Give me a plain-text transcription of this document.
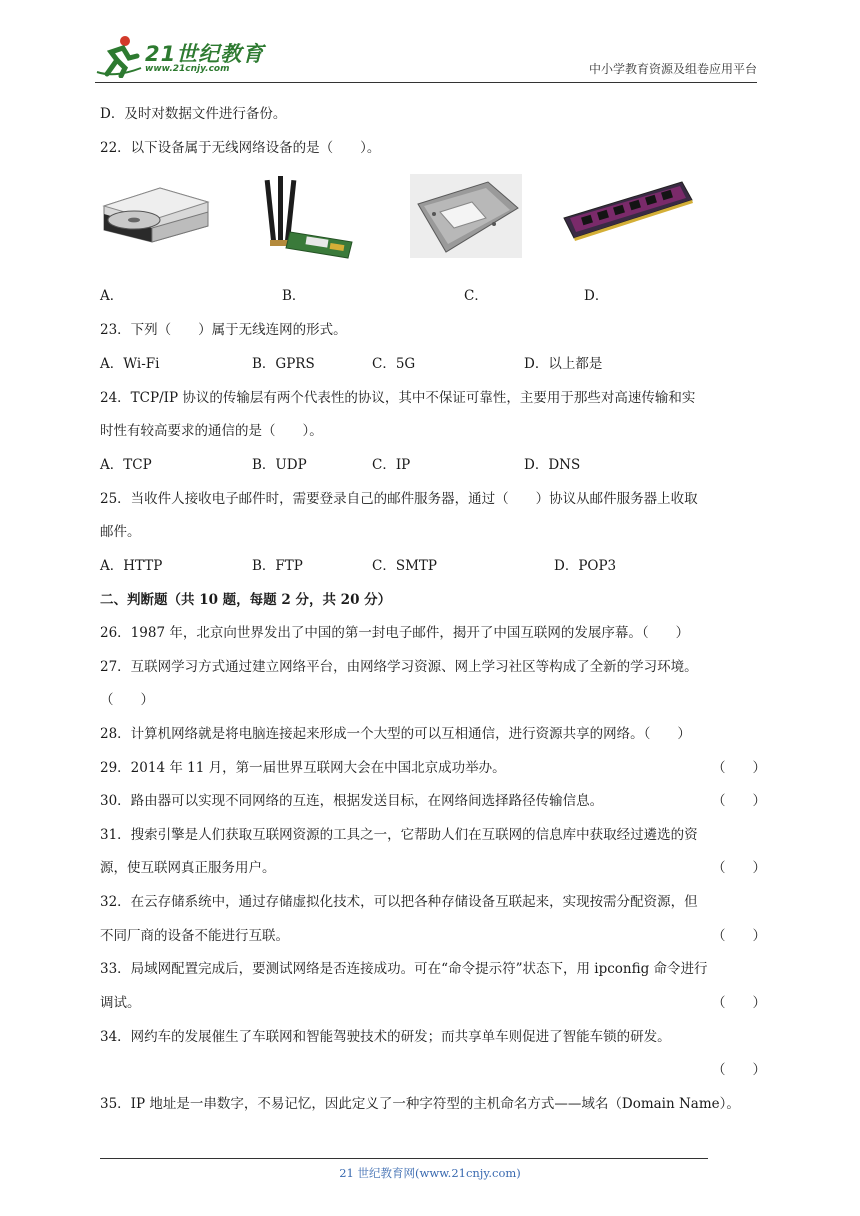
21世纪教育
www.21cnjy.com	中小学教育资源及组卷应用平台
D．及时对数据文件进行备份。
22．以下设备属于无线网络设备的是（　　）。
A．	B．	C．	D．
23．下列（　　）属于无线连网的形式。
A．Wi-Fi	B．GPRS	C．5G	D．以上都是
24．TCP/IP 协议的传输层有两个代表性的协议，其中不保证可靠性，主要用于那些对高速传输和实
时性有较高要求的通信的是（　　）。
A．TCP	B．UDP	C．IP	D．DNS
25．当收件人接收电子邮件时，需要登录自己的邮件服务器，通过（　　）协议从邮件服务器上收取
邮件。
A．HTTP	B．FTP	C．SMTP	D．POP3
二、判断题（共 10 题，每题 2 分，共 20 分）
26．1987 年，北京向世界发出了中国的第一封电子邮件，揭开了中国互联网的发展序幕。（　　）
27．互联网学习方式通过建立网络平台，由网络学习资源、网上学习社区等构成了全新的学习环境。
（　　）
28．计算机网络就是将电脑连接起来形成一个大型的可以互相通信，进行资源共享的网络。（　　）
29．2014 年 11 月，第一届世界互联网大会在中国北京成功举办。	（　　）
30．路由器可以实现不同网络的互连，根据发送目标，在网络间选择路径传输信息。	（　　）
31．搜索引擎是人们获取互联网资源的工具之一，它帮助人们在互联网的信息库中获取经过遴选的资
源，使互联网真正服务用户。	（　　）
32．在云存储系统中，通过存储虚拟化技术，可以把各种存储设备互联起来，实现按需分配资源，但
不同厂商的设备不能进行互联。	（　　）
33．局域网配置完成后，要测试网络是否连接成功。可在“命令提示符”状态下，用 ipconfig 命令进行
调试。	（　　）
34．网约车的发展催生了车联网和智能驾驶技术的研发；而共享单车则促进了智能车锁的研发。
（　　）
35．IP 地址是一串数字，不易记忆，因此定义了一种字符型的主机命名方式——域名（Domain Name）。
21 世纪教育网(www.21cnjy.com)
